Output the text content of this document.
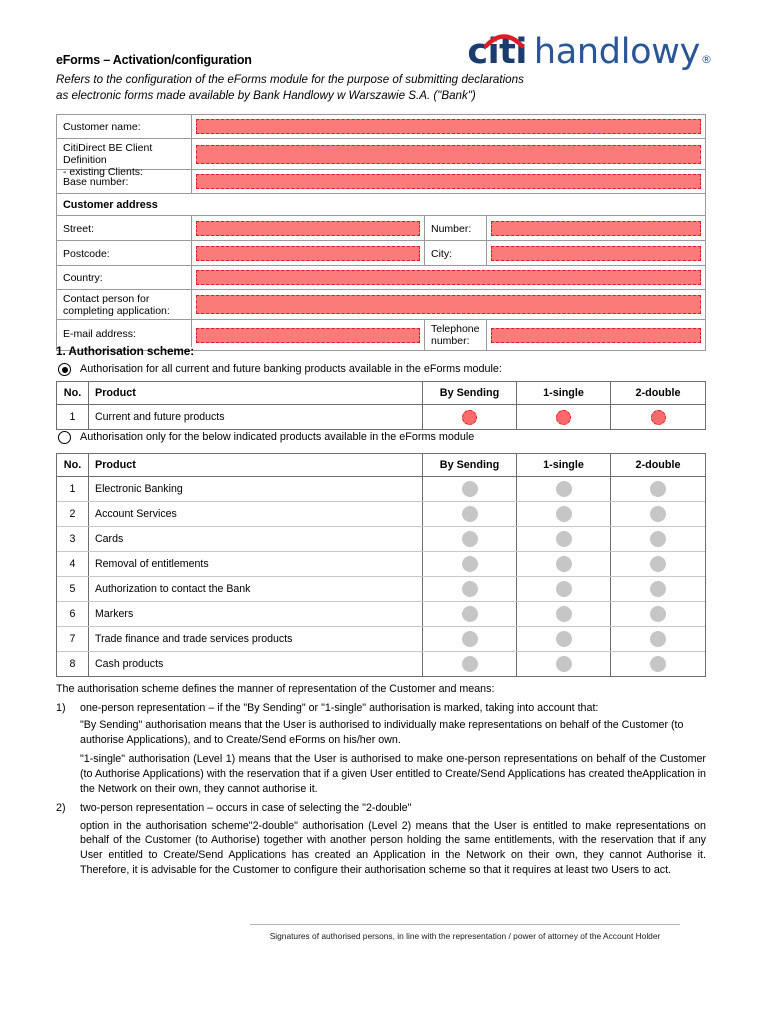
citi handlowy ®
eForms – Activation/configuration
Refers to the configuration of the eForms module for the purpose of submitting declarations
as electronic forms made available by Bank Handlowy w Warszawie S.A. ("Bank")
Customer name:
CitiDirect BE Client Definition
- existing Clients:
Base number:
Customer address
Street:	Number:
Postcode:	City:
Country:
Contact person for
completing application:
E-mail address:	Telephone
number:
1. Authorisation scheme:
Authorisation for all current and future banking products available in the eForms module:
No.	Product	By Sending	1-single	2-double
1	Current and future products
Authorisation only for the below indicated products available in the eForms module
No.	Product	By Sending	1-single	2-double
1	Electronic Banking
2	Account Services
3	Cards
4	Removal of entitlements
5	Authorization to contact the Bank
6	Markers
7	Trade finance and trade services products
8	Cash products
The authorisation scheme defines the manner of representation of the Customer and means:
1)	one-person representation – if the "By Sending" or "1-single" authorisation is marked, taking into account that:
"By Sending" authorisation means that the User is authorised to individually make representations on behalf of the Customer (to authorise Applications), and to Create/Send eForms on his/her own.
"1-single" authorisation (Level 1) means that the User is authorised to make one-person representations on behalf of the Customer (to Authorise Applications) with the reservation that if a given User entitled to Create/Send Applications has created theApplication in the Network on their own, they cannot authorise it.
2)	two-person representation – occurs in case of selecting the "2-double"
option in the authorisation scheme"2-double" authorisation (Level 2) means that the User is entitled to make representations on behalf of the Customer (to Authorise) together with another person holding the same entitlements, with the reservation that if any User entitled to Create/Send Applications has created an Application in the Network on their own, they cannot Authorise it. Therefore, it is advisable for the Customer to configure their authorisation scheme so that it requires at least two Users to act.
Signatures of authorised persons, in line with the representation / power of attorney of the Account Holder
